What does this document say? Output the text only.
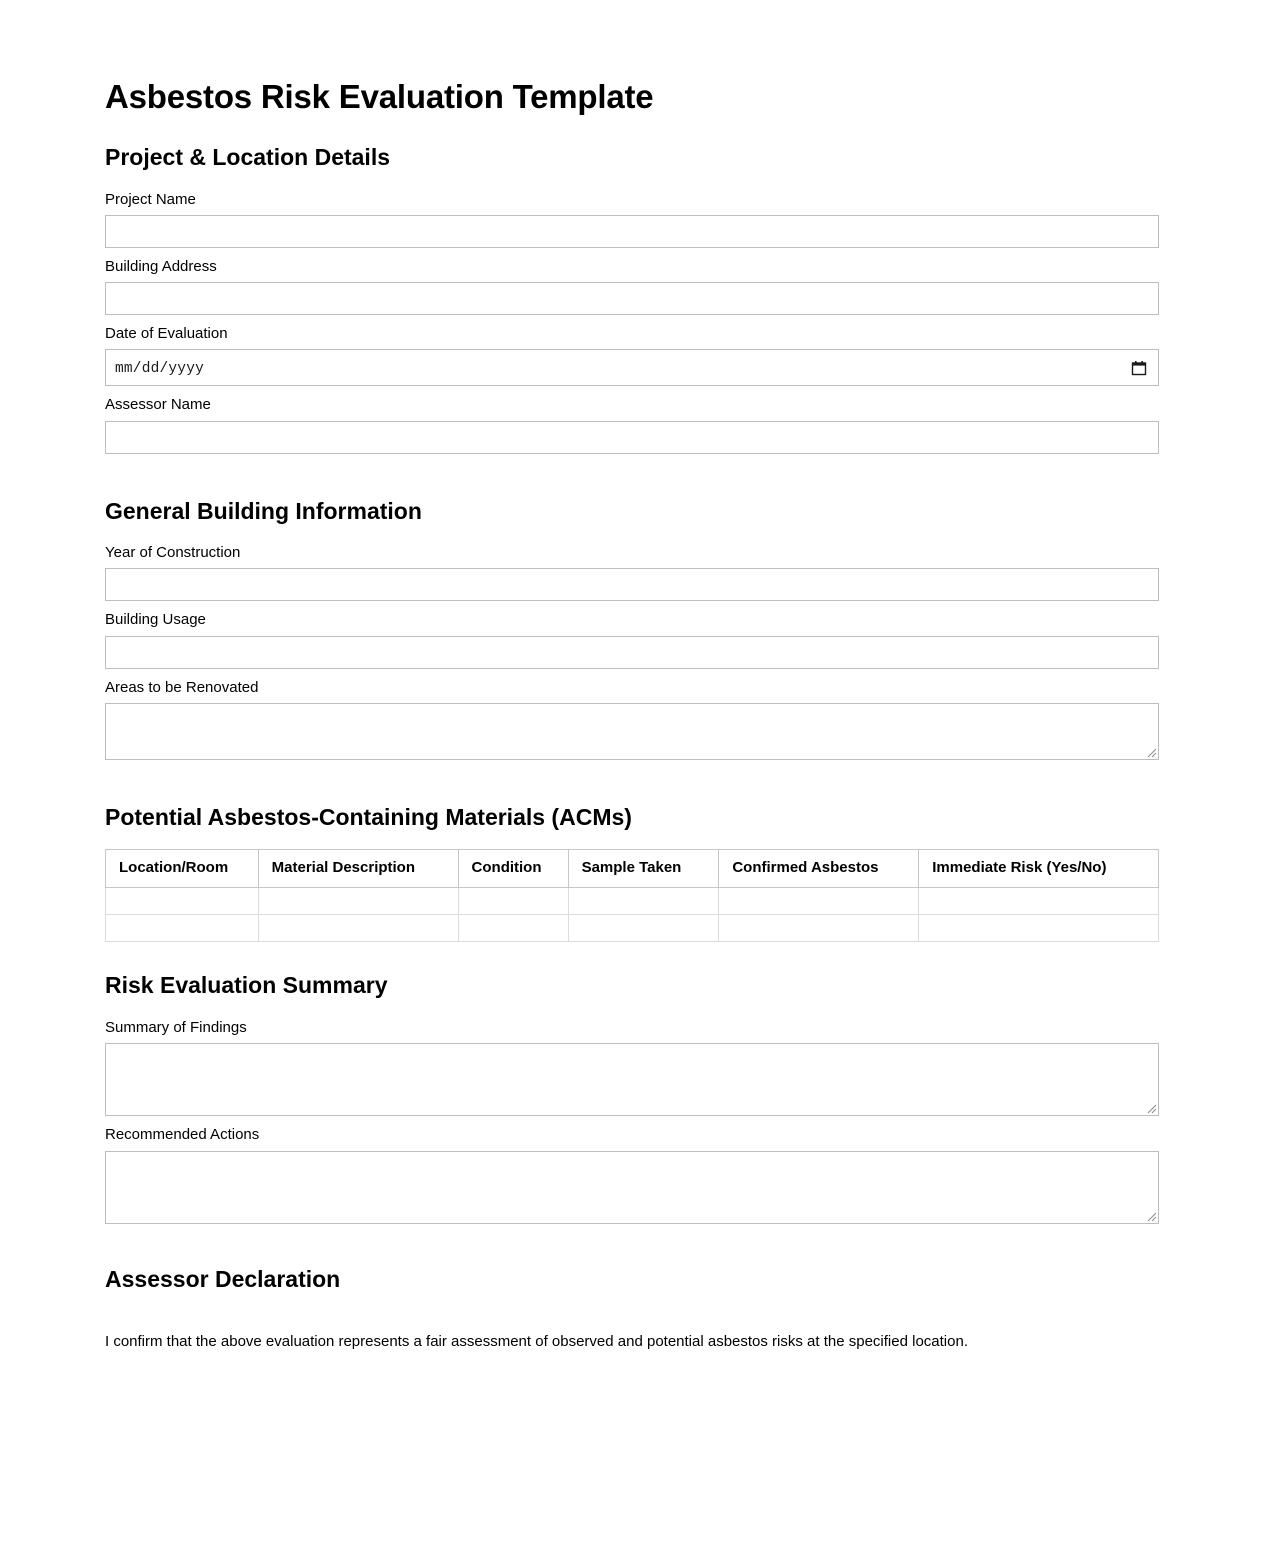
Asbestos Risk Evaluation Template
Project & Location Details
Project Name
Building Address
Date of Evaluation
mm/dd/yyyy
Assessor Name
General Building Information
Year of Construction
Building Usage
Areas to be Renovated
Potential Asbestos-Containing Materials (ACMs)
Location/Room	Material Description	Condition	Sample Taken	Confirmed Asbestos	Immediate Risk (Yes/No)

Risk Evaluation Summary
Summary of Findings
Recommended Actions
Assessor Declaration

I confirm that the above evaluation represents a fair assessment of observed and potential asbestos risks at the specified location.
